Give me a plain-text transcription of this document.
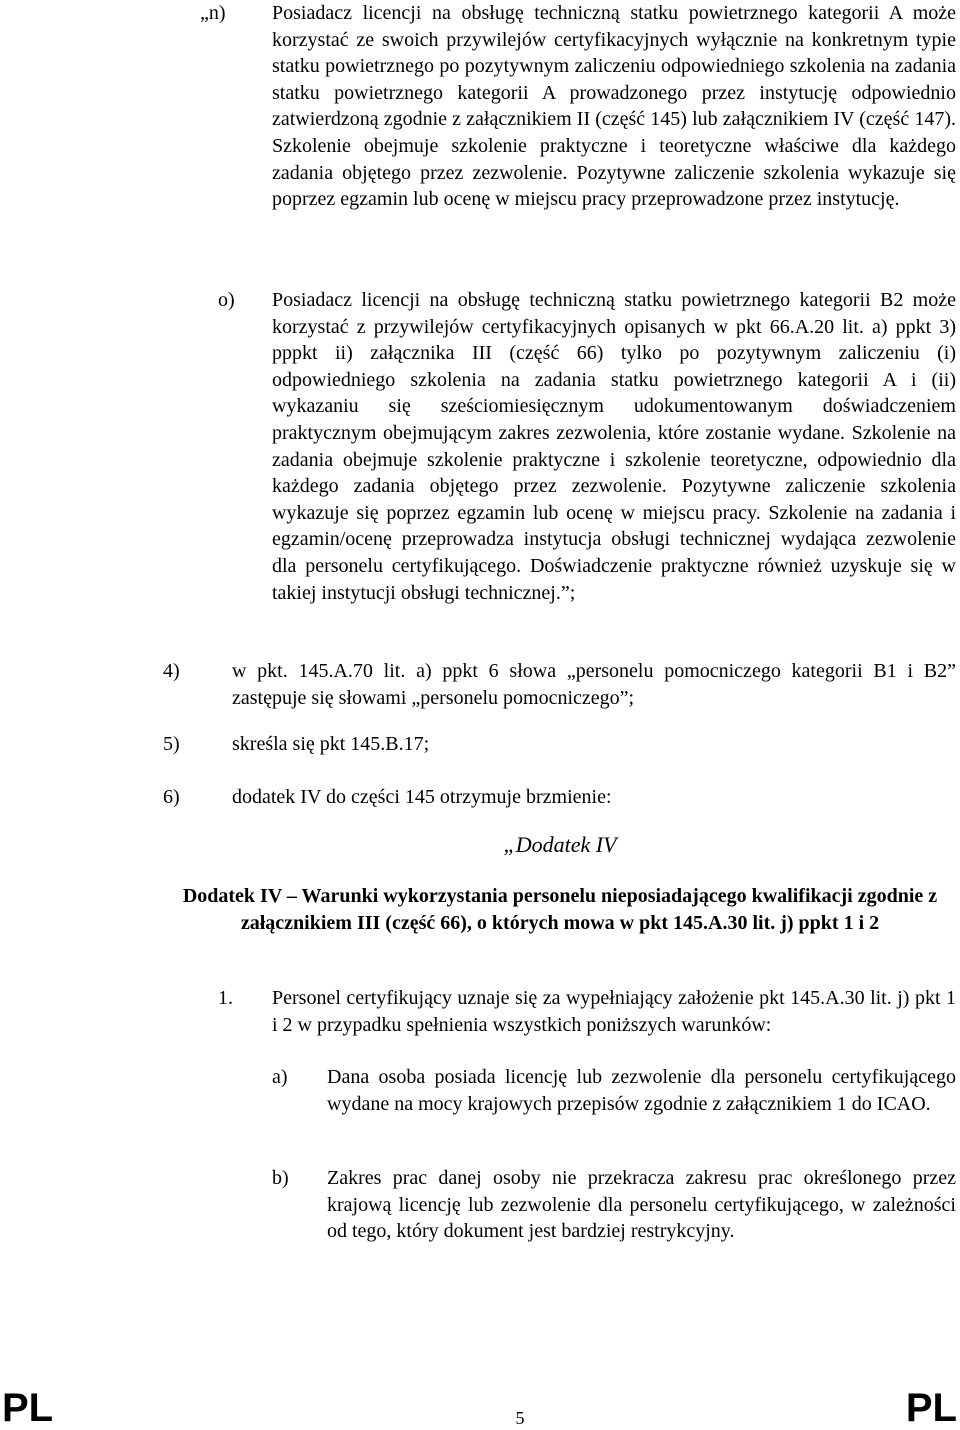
„n)	Posiadacz licencji na obsługę techniczną statku powietrznego kategorii A może korzystać ze swoich przywilejów certyfikacyjnych wyłącznie na konkretnym typie statku powietrznego po pozytywnym zaliczeniu odpowiedniego szkolenia na zadania statku powietrznego kategorii A prowadzonego przez instytucję odpowiednio zatwierdzoną zgodnie z załącznikiem II (część 145) lub załącznikiem IV (część 147). Szkolenie obejmuje szkolenie praktyczne i teoretyczne właściwe dla każdego zadania objętego przez zezwolenie. Pozytywne zaliczenie szkolenia wykazuje się poprzez egzamin lub ocenę w miejscu pracy przeprowadzone przez instytucję.
o)	Posiadacz licencji na obsługę techniczną statku powietrznego kategorii B2 może korzystać z przywilejów certyfikacyjnych opisanych w pkt 66.A.20 lit. a) ppkt 3) pppkt ii) załącznika III (część 66) tylko po pozytywnym zaliczeniu (i) odpowiedniego szkolenia na zadania statku powietrznego kategorii A i (ii) wykazaniu się sześciomiesięcznym udokumentowanym doświadczeniem praktycznym obejmującym zakres zezwolenia, które zostanie wydane. Szkolenie na zadania obejmuje szkolenie praktyczne i szkolenie teoretyczne, odpowiednio dla każdego zadania objętego przez zezwolenie. Pozytywne zaliczenie szkolenia wykazuje się poprzez egzamin lub ocenę w miejscu pracy. Szkolenie na zadania i egzamin/ocenę przeprowadza instytucja obsługi technicznej wydająca zezwolenie dla personelu certyfikującego. Doświadczenie praktyczne również uzyskuje się w takiej instytucji obsługi technicznej.”;
4)	w pkt. 145.A.70 lit. a) ppkt 6 słowa „personelu pomocniczego kategorii B1 i B2” zastępuje się słowami „personelu pomocniczego”;
5)	skreśla się pkt 145.B.17;
6)	dodatek IV do części 145 otrzymuje brzmienie:
„Dodatek IV
Dodatek IV – Warunki wykorzystania personelu nieposiadającego kwalifikacji zgodnie z załącznikiem III (część 66), o których mowa w pkt 145.A.30 lit. j) ppkt 1 i 2
1.	Personel certyfikujący uznaje się za wypełniający założenie pkt 145.A.30 lit. j) pkt 1 i 2 w przypadku spełnienia wszystkich poniższych warunków:
a)	Dana osoba posiada licencję lub zezwolenie dla personelu certyfikującego wydane na mocy krajowych przepisów zgodnie z załącznikiem 1 do ICAO.
b)	Zakres prac danej osoby nie przekracza zakresu prac określonego przez krajową licencję lub zezwolenie dla personelu certyfikującego, w zależności od tego, który dokument jest bardziej restrykcyjny.
PL	5	PL
